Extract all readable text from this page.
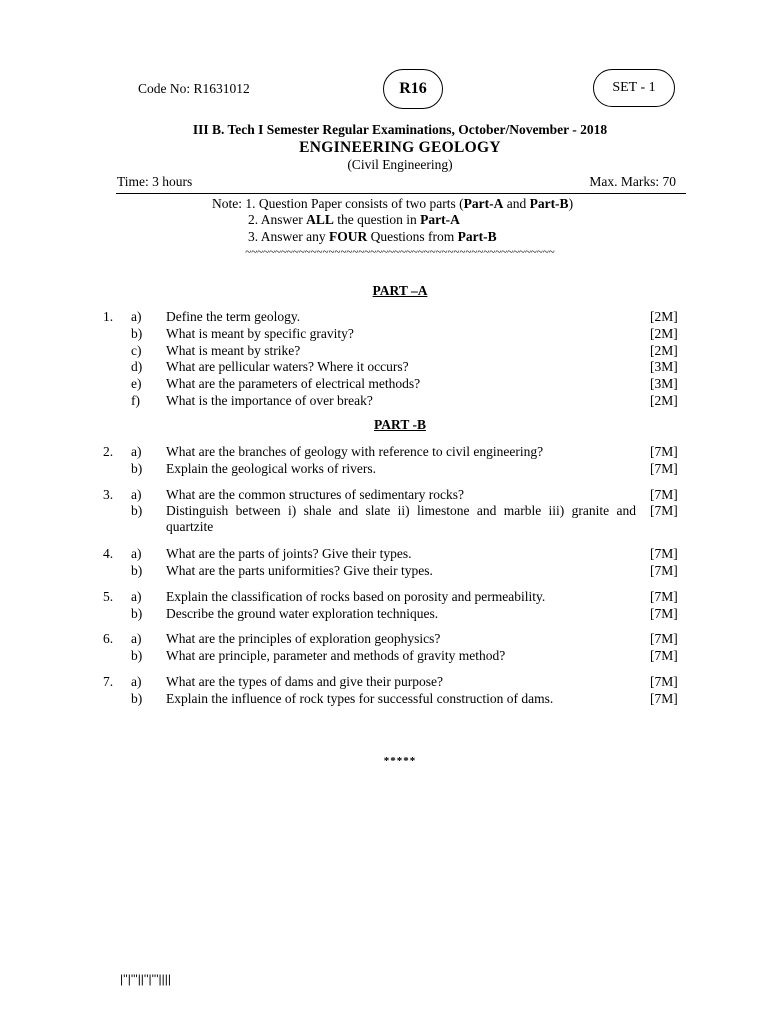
Code No: R1631012	R16	SET - 1
III B. Tech I Semester Regular Examinations, October/November - 2018
ENGINEERING GEOLOGY
(Civil Engineering)
Time: 3 hours	Max. Marks: 70
Note: 1. Question Paper consists of two parts (Part-A and Part-B)
2. Answer ALL the question in Part-A
3. Answer any FOUR Questions from Part-B
~~~~~~~~~~~~~~~~~~~~~~~~~~~~~~~~~~~~~~~~~~~~~~~~~~~~
PART –A
1. a) Define the term geology.	[2M]
b) What is meant by specific gravity?	[2M]
c) What is meant by strike?	[2M]
d) What are pellicular waters? Where it occurs?	[3M]
e) What are the parameters of electrical methods?	[3M]
f) What is the importance of over break?	[2M]
PART -B
2. a) What are the branches of geology with reference to civil engineering?	[7M]
b) Explain the geological works of rivers.	[7M]
3. a) What are the common structures of sedimentary rocks?	[7M]
b) Distinguish between i) shale and slate ii) limestone and marble iii) granite and quartzite
[7M]
4. a) What are the parts of joints? Give their types.	[7M]
b) What are the parts uniformities? Give their types.	[7M]
5. a) Explain the classification of rocks based on porosity and permeability.	[7M]
b) Describe the ground water exploration techniques.	[7M]
6. a) What are the principles of exploration geophysics?	[7M]
b) What are principle, parameter and methods of gravity method?	[7M]
7. a) What are the types of dams and give their purpose?	[7M]
b) Explain the influence of rock types for successful construction of dams.	[7M]
*****
|''|'''||''|'''||||
